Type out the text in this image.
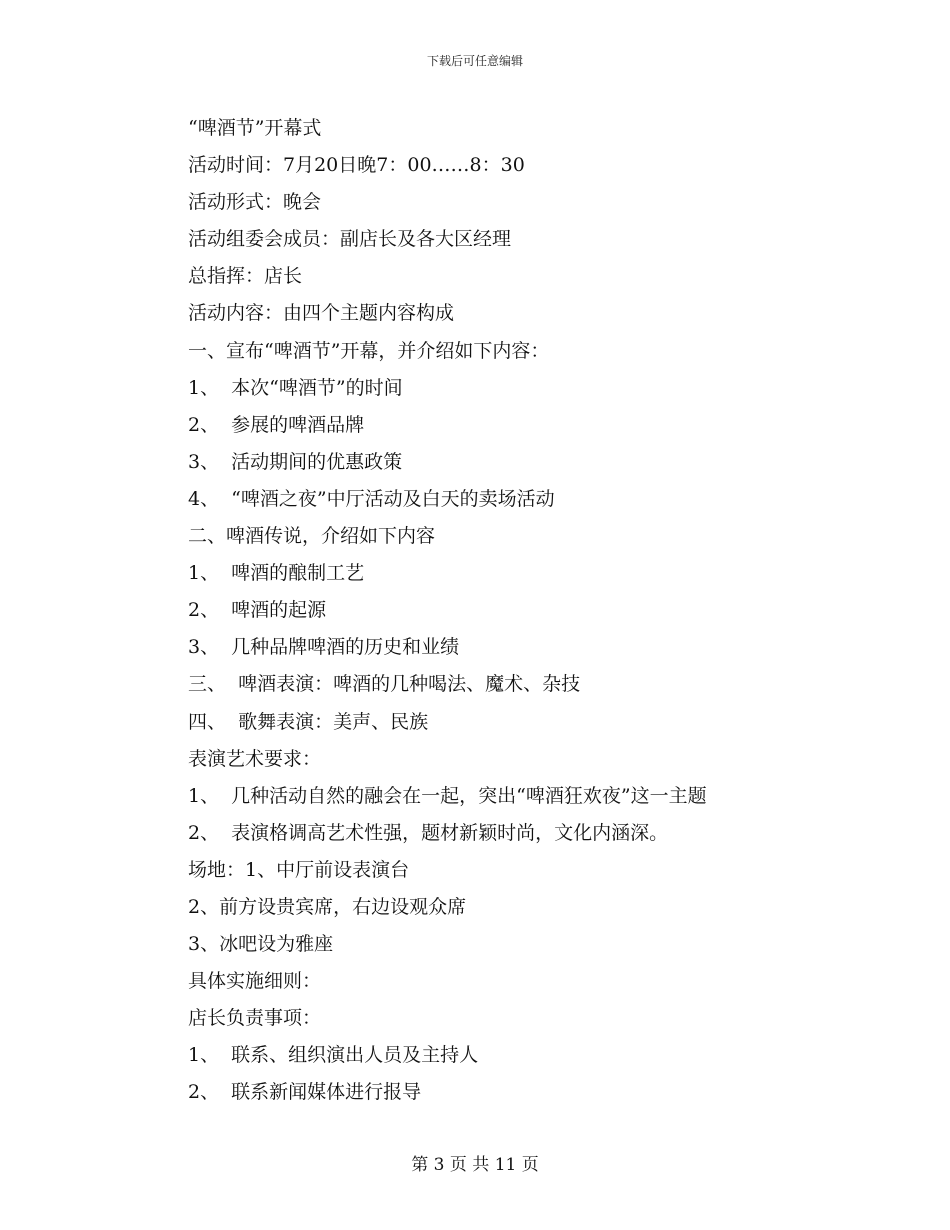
下载后可任意编辑
“啤酒节”开幕式
活动时间：7月20日晚7：00……8：30
活动形式：晚会
活动组委会成员：副店长及各大区经理
总指挥：店长
活动内容：由四个主题内容构成
一、宣布“啤酒节”开幕，并介绍如下内容：
1、  本次“啤酒节”的时间
2、  参展的啤酒品牌
3、  活动期间的优惠政策
4、  “啤酒之夜”中厅活动及白天的卖场活动
二、啤酒传说，介绍如下内容
1、  啤酒的酿制工艺
2、  啤酒的起源
3、  几种品牌啤酒的历史和业绩
三、  啤酒表演：啤酒的几种喝法、魔术、杂技
四、  歌舞表演：美声、民族
表演艺术要求：
1、  几种活动自然的融会在一起，突出“啤酒狂欢夜”这一主题
2、  表演格调高艺术性强，题材新颖时尚，文化内涵深。
场地：1、中厅前设表演台
2、前方设贵宾席，右边设观众席
3、冰吧设为雅座
具体实施细则：
店长负责事项：
1、  联系、组织演出人员及主持人
2、  联系新闻媒体进行报导
第 3 页 共 11 页
